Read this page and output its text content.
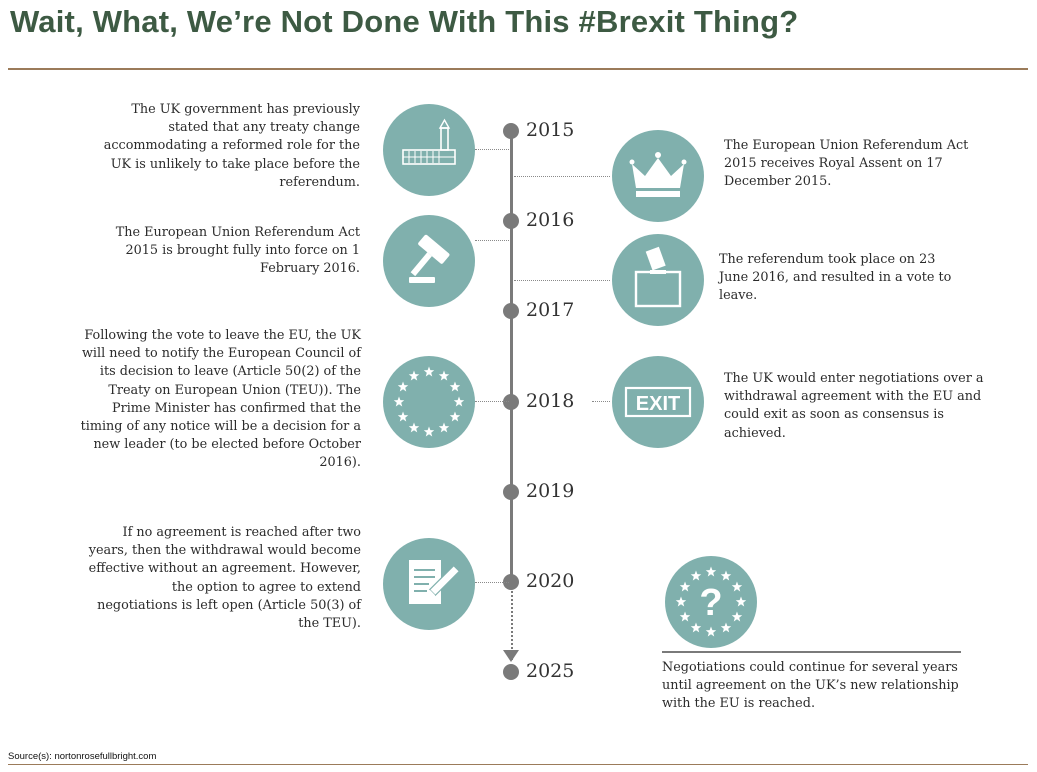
Wait, What, We’re Not Done With This #Brexit Thing?
2015
2016
2017
2018
2019
2020
2025
EXIT
?
The UK government has previously stated that any treaty change accommodating a reformed role for the UK is unlikely to take place before the referendum.
The European Union Referendum Act 2015 is brought fully into force on 1 February 2016.
Following the vote to leave the EU, the UK will need to notify the European Council of its decision to leave (Article 50(2) of the Treaty on European Union (TEU)). The Prime Minister has confirmed that the timing of any notice will be a decision for a new leader (to be elected before October 2016).
If no agreement is reached after two years, then the withdrawal would become effective without an agreement. However, the option to agree to extend negotiations is left open (Article 50(3) of the TEU).
The European Union Referendum Act 2015 receives Royal Assent on 17 December 2015.
The referendum took place on 23 June 2016, and resulted in a vote to leave.
The UK would enter negotiations over a withdrawal agreement with the EU and could exit as soon as consensus is achieved.
Negotiations could continue for several years until agreement on the UK’s new relationship with the EU is reached.
Source(s): nortonrosefullbright.com
